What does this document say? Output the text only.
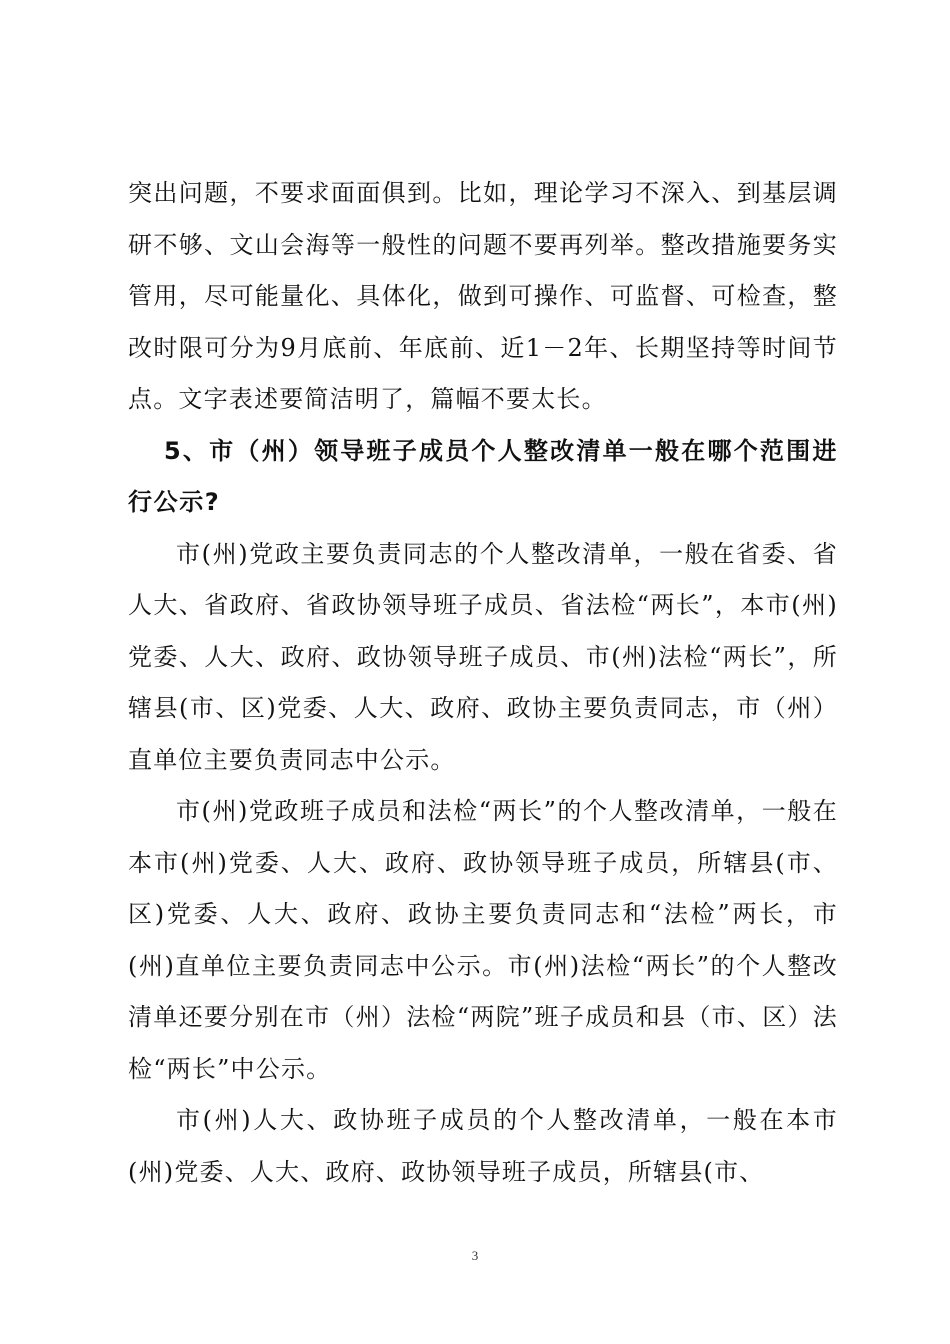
突出问题，不要求面面俱到。比如，理论学习不深入、到基层调研不够、文山会海等一般性的问题不要再列举。整改措施要务实管用，尽可能量化、具体化，做到可操作、可监督、可检查，整改时限可分为9月底前、年底前、近1－2年、长期坚持等时间节点。文字表述要简洁明了，篇幅不要太长。

5、市（州）领导班子成员个人整改清单一般在哪个范围进行公示?

市(州)党政主要负责同志的个人整改清单，一般在省委、省人大、省政府、省政协领导班子成员、省法检“两长”，本市(州)党委、人大、政府、政协领导班子成员、市(州)法检“两长”，所辖县(市、区)党委、人大、政府、政协主要负责同志，市（州）直单位主要负责同志中公示。

市(州)党政班子成员和法检“两长”的个人整改清单，一般在本市(州)党委、人大、政府、政协领导班子成员，所辖县(市、区)党委、人大、政府、政协主要负责同志和“法检”两长，市(州)直单位主要负责同志中公示。市(州)法检“两长”的个人整改清单还要分别在市（州）法检“两院”班子成员和县（市、区）法检“两长”中公示。

市(州)人大、政协班子成员的个人整改清单，一般在本市(州)党委、人大、政府、政协领导班子成员，所辖县(市、

3
